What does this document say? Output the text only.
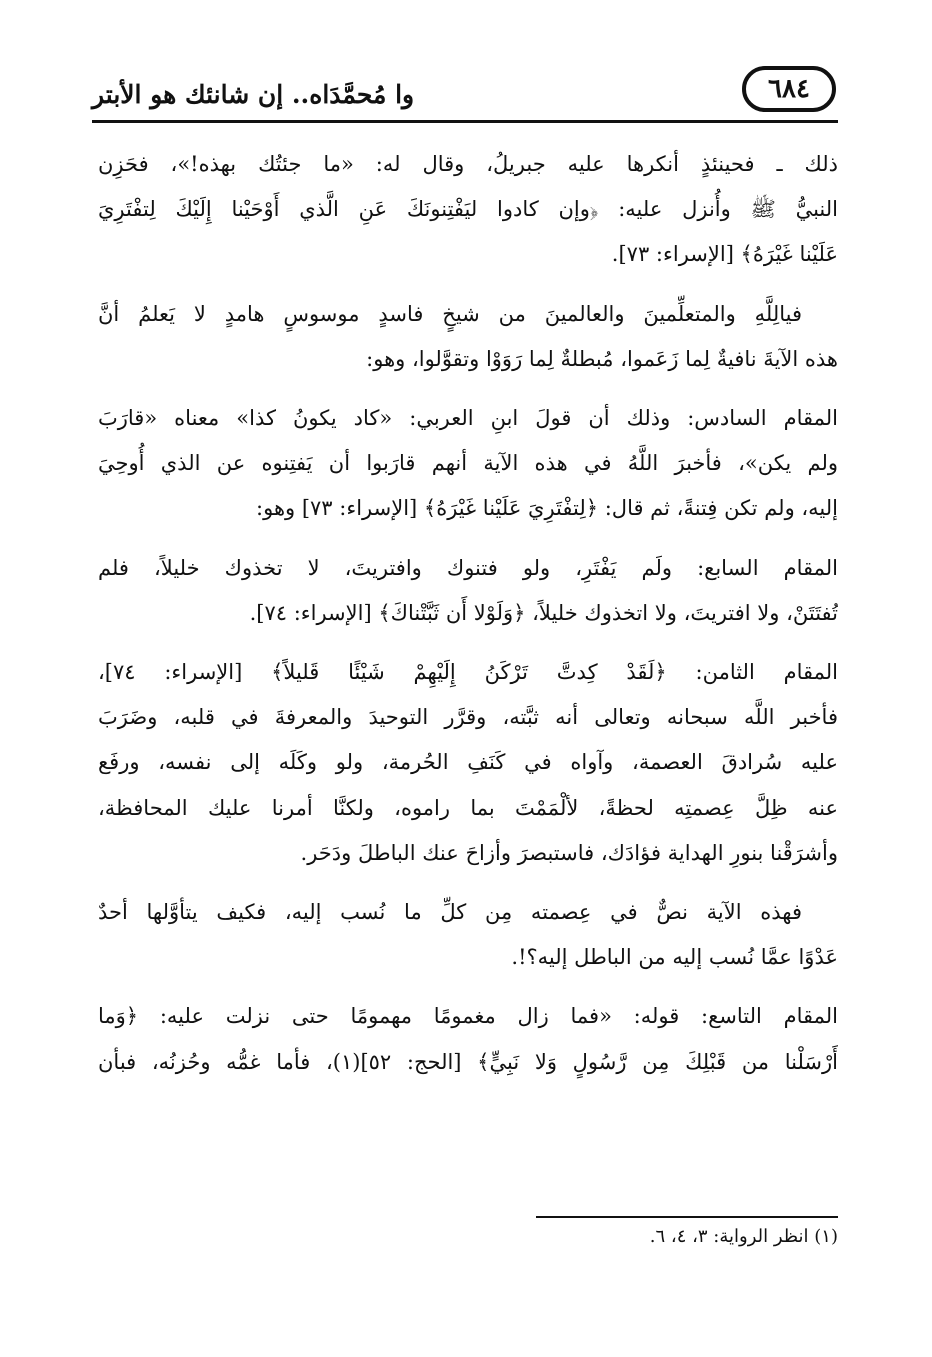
وا مُحمَّدَاه.. إن شانئك هو الأبتر	٦٨٤

ذلك ـ فحينئذٍ أنكرها عليه جبريلُ، وقال له: «ما جئتُك بهذه!»، فحَزِن
النبيُّ ﷺ وأُنزل عليه: ﴿وإن كادوا ليَفْتِنونَكَ عَنِ الَّذي أَوْحَيْنا إِلَيْكَ لِتفْتَرِيَ
عَلَيْنا غَيْرَهُ﴾ [الإسراء: ٧٣].

فيالِلَّهِ والمتعلِّمينَ والعالمينَ من شيخٍ فاسدٍ موسوسٍ هامدٍ لا يَعلمُ أنَّ
هذه الآيةَ نافيةٌ لِما زَعَموا، مُبطلةٌ لِما رَوَوْا وتقوَّلوا، وهو:

المقام السادس: وذلك أن قولَ ابنِ العربي: «كاد يكونُ كذا» معناه «قارَبَ
ولم يكن»، فأخبرَ اللَّهُ في هذه الآية أنهم قارَبوا أن يَفتِنوه عن الذي أُوحِيَ
إليه، ولم تكن فِتنةً، ثم قال: ﴿لِتفْتَرِيَ عَلَيْنا غَيْرَهُ﴾ [الإسراء: ٧٣] وهو:

المقام السابع: ولَم يَفْتَرِ، ولو فتنوك وافتريتَ، لا تخذوك خليلاً، فلم
تُفتَتَنْ، ولا افتريتَ، ولا اتخذوك خليلاً، ﴿وَلَوْلا أَن ثَبَّتْناكَ﴾ [الإسراء: ٧٤].

المقام الثامن: ﴿لَقَدْ كِدتَّ تَرْكَنُ إِلَيْهِمْ شَيْئًا قَليلاً﴾ [الإسراء: ٧٤]،
فأخبر اللَّه سبحانه وتعالى أنه ثبَّته، وقرَّر التوحيدَ والمعرفةَ في قلبه، وضَرَبَ
عليه سُرادقَ العصمة، وآواه في كَنَفِ الحُرمة، ولو وكَلَه إلى نفسه، ورفَع
عنه ظِلَّ عِصمتِه لحظةً، لألْمَمْتَ بما راموه، ولكنَّا أمرنا عليك المحافظة،
وأشرَقْنا بنورِ الهداية فؤادَك، فاستبصرَ وأزاحَ عنك الباطلَ ودَحَر.

فهذه الآية نصٌّ في عِصمته مِن كلِّ ما نُسب إليه، فكيف يتأوَّلها أحدٌ
عَدْوًا عمَّا نُسب إليه من الباطل إليه؟!.

المقام التاسع: قوله: «فما زال مغمومًا مهمومًا حتى نزلت عليه: ﴿وَما
أَرْسَلْنا من قَبْلِكَ مِن رَّسُولٍ وَلا نَبِيٍّ﴾ [الحج: ٥٢](١)، فأما غمُّه وحُزنُه، فبأن

(١) انظر الرواية: ٣، ٤، ٦.
